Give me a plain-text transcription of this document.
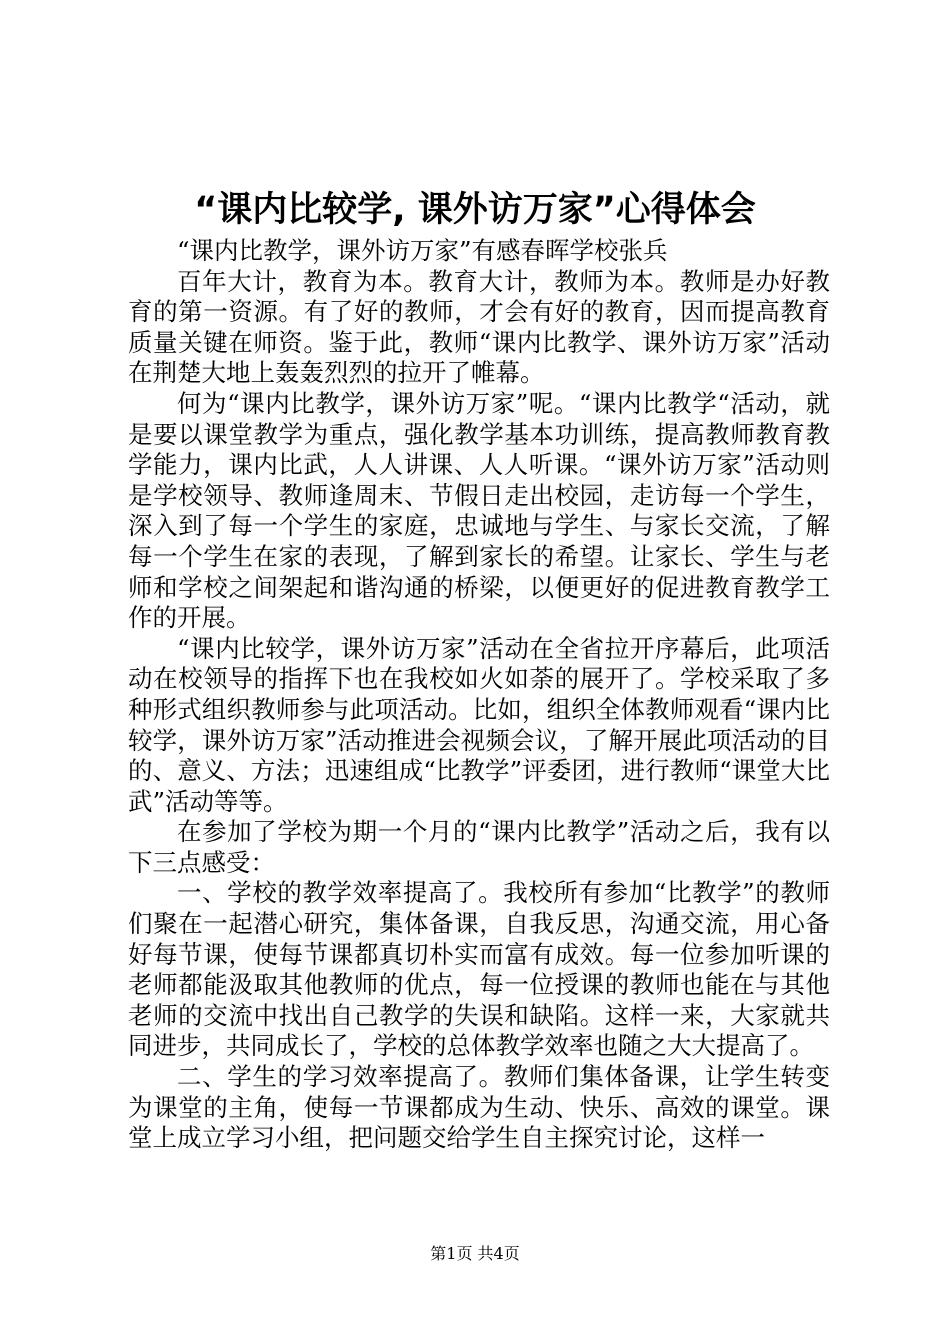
“课内比较学, 课外访万家”心得体会

“课内比教学，课外访万家”有感春晖学校张兵

百年大计，教育为本。教育大计，教师为本。教师是办好教育的第一资源。有了好的教师，才会有好的教育，因而提高教育质量关键在师资。鉴于此，教师“课内比教学、课外访万家”活动在荆楚大地上轰轰烈烈的拉开了帷幕。

何为“课内比教学，课外访万家”呢。“课内比教学“活动，就是要以课堂教学为重点，强化教学基本功训练，提高教师教育教学能力，课内比武，人人讲课、人人听课。“课外访万家”活动则是学校领导、教师逢周末、节假日走出校园，走访每一个学生，深入到了每一个学生的家庭，忠诚地与学生、与家长交流，了解每一个学生在家的表现，了解到家长的希望。让家长、学生与老师和学校之间架起和谐沟通的桥梁，以便更好的促进教育教学工作的开展。

“课内比较学，课外访万家”活动在全省拉开序幕后，此项活动在校领导的指挥下也在我校如火如荼的展开了。学校采取了多种形式组织教师参与此项活动。比如，组织全体教师观看“课内比较学，课外访万家”活动推进会视频会议，了解开展此项活动的目的、意义、方法；迅速组成“比教学”评委团，进行教师“课堂大比武”活动等等。

在参加了学校为期一个月的“课内比教学”活动之后，我有以下三点感受：

一、学校的教学效率提高了。我校所有参加“比教学”的教师们聚在一起潜心研究，集体备课，自我反思，沟通交流，用心备好每节课，使每节课都真切朴实而富有成效。每一位参加听课的老师都能汲取其他教师的优点，每一位授课的教师也能在与其他老师的交流中找出自己教学的失误和缺陷。这样一来，大家就共同进步，共同成长了，学校的总体教学效率也随之大大提高了。

二、学生的学习效率提高了。教师们集体备课，让学生转变为课堂的主角，使每一节课都成为生动、快乐、高效的课堂。课堂上成立学习小组，把问题交给学生自主探究讨论，这样一

第1页 共4页
